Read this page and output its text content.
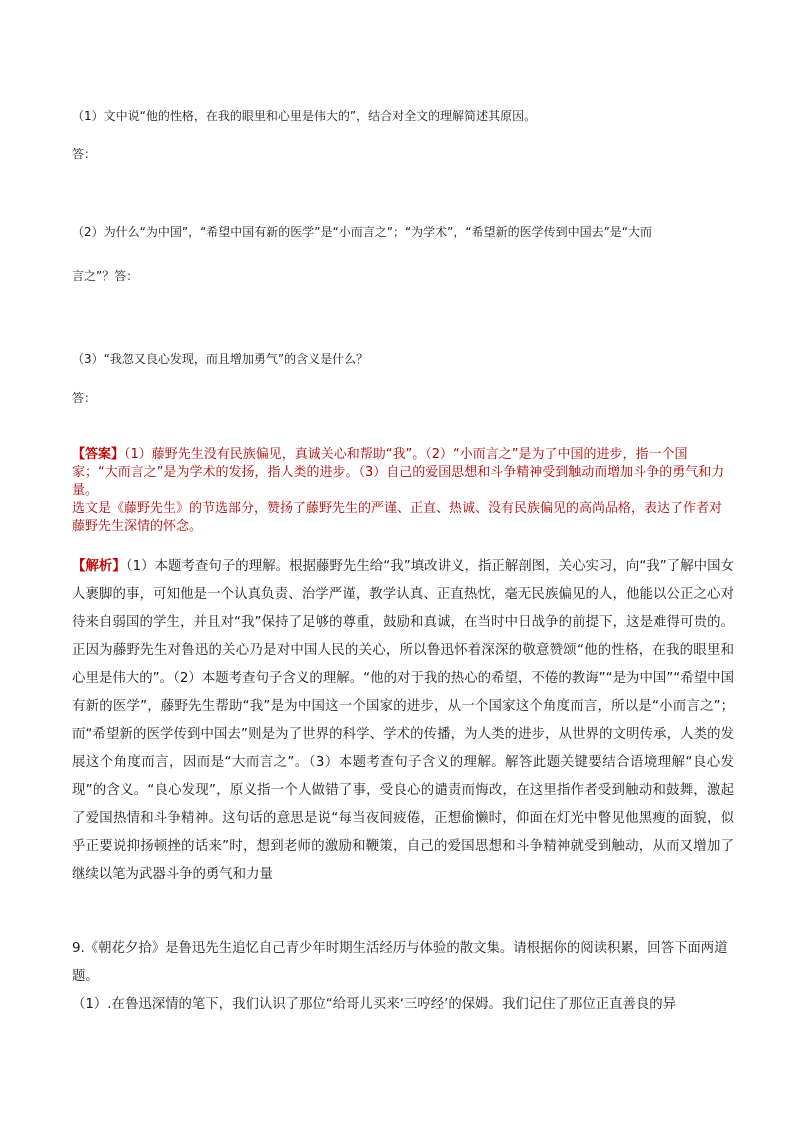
（1）文中说“他的性格，在我的眼里和心里是伟大的”，结合对全文的理解简述其原因。
答：
（2）为什么“为中国”，“希望中国有新的医学”是“小而言之”；“为学术”，“希望新的医学传到中国去”是“大而
言之”？答：
（3）“我忽又良心发现，而且增加勇气”的含义是什么？
答：
【答案】（1）藤野先生没有民族偏见，真诚关心和帮助“我”。（2）“小而言之”是为了中国的进步，指一个国家；“大而言之”是为学术的发扬，指人类的进步。（3）自己的爱国思想和斗争精神受到触动而增加斗争的勇气和力量。
选文是《藤野先生》的节选部分，赞扬了藤野先生的严谨、正直、热诚、没有民族偏见的高尚品格，表达了作者对藤野先生深情的怀念。
【解析】（1）本题考查句子的理解。根据藤野先生给“我”填改讲义，指正解剖图，关心实习，向“我”了解中国女人裹脚的事，可知他是一个认真负责、治学严谨，教学认真、正直热忱，毫无民族偏见的人，他能以公正之心对待来自弱国的学生，并且对“我”保持了足够的尊重，鼓励和真诚，在当时中日战争的前提下，这是难得可贵的。正因为藤野先生对鲁迅的关心乃是对中国人民的关心，所以鲁迅怀着深深的敬意赞颂“他的性格，在我的眼里和心里是伟大的”。（2）本题考查句子含义的理解。“他的对于我的热心的希望，不倦的教诲”“是为中国”“希望中国有新的医学”，藤野先生帮助“我”是为中国这一个国家的进步，从一个国家这个角度而言，所以是“小而言之”；而“希望新的医学传到中国去”则是为了世界的科学、学术的传播，为人类的进步，从世界的文明传承，人类的发展这个角度而言，因而是“大而言之”。（3）本题考查句子含义的理解。解答此题关键要结合语境理解“良心发现”的含义。“良心发现”，原义指一个人做错了事，受良心的谴责而悔改，在这里指作者受到触动和鼓舞，激起了爱国热情和斗争精神。这句话的意思是说“每当夜间疲倦，正想偷懒时，仰面在灯光中瞥见他黑瘦的面貌，似乎正要说抑扬顿挫的话来”时，想到老师的激励和鞭策，自己的爱国思想和斗争精神就受到触动，从而又增加了继续以笔为武器斗争的勇气和力量
9.《朝花夕拾》是鲁迅先生追忆自己青少年时期生活经历与体验的散文集。请根据你的阅读积累，回答下面两道题。
（1）.在鲁迅深情的笔下，我们认识了那位“给哥儿买来‘三哼经’的保姆。我们记住了那位正直善良的异
